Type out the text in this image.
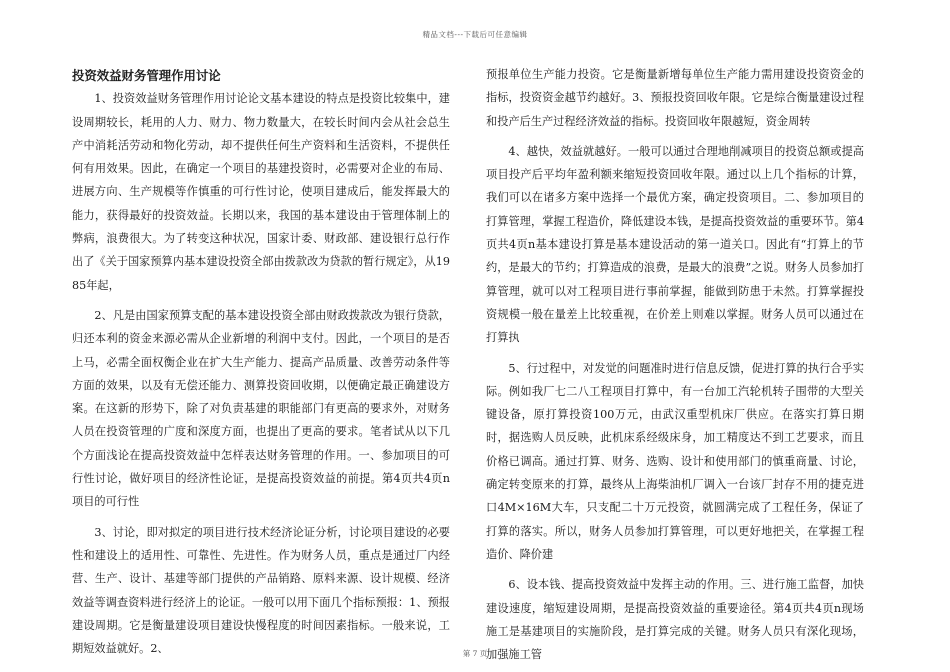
精品文档---下载后可任意编辑
投资效益财务管理作用讨论

1、投资效益财务管理作用讨论论文基本建设的特点是投资比较集中，建设周期较长，耗用的人力、财力、物力数量大，在较长时间内会从社会总生产中消耗活劳动和物化劳动，却不提供任何生产资料和生活资料，不提供任何有用效果。因此，在确定一个项目的基建投资时，必需要对企业的布局、进展方向、生产规模等作慎重的可行性讨论，使项目建成后，能发挥最大的能力，获得最好的投资效益。长期以来，我国的基本建设由于管理体制上的弊病，浪费很大。为了转变这种状况，国家计委、财政部、建设银行总行作出了《关于国家预算内基本建设投资全部由拨款改为贷款的暂行规定》，从1985年起，

2、凡是由国家预算支配的基本建设投资全部由财政拨款改为银行贷款，归还本利的资金来源必需从企业新增的利润中支付。因此，一个项目的是否上马，必需全面权衡企业在扩大生产能力、提高产品质量、改善劳动条件等方面的效果，以及有无偿还能力、测算投资回收期，以便确定最正确建设方案。在这新的形势下，除了对负责基建的职能部门有更高的要求外，对财务人员在投资管理的广度和深度方面，也提出了更高的要求。笔者试从以下几个方面浅论在提高投资效益中怎样表达财务管理的作用。一、参加项目的可行性讨论，做好项目的经济性论证，是提高投资效益的前提。第4页共4页n项目的可行性

3、讨论，即对拟定的项目进行技术经济论证分析，讨论项目建设的必要性和建设上的适用性、可靠性、先进性。作为财务人员，重点是通过厂内经营、生产、设计、基建等部门提供的产品销路、原料来源、设计规模、经济效益等调查资料进行经济上的论证。一般可以用下面几个指标预报：1、预报建设周期。它是衡量建设项目建设快慢程度的时间因素指标。一般来说，工期短效益就好。2、

预报单位生产能力投资。它是衡量新增每单位生产能力需用建设投资资金的指标，投资资金越节约越好。3、预报投资回收年限。它是综合衡量建设过程和投产后生产过程经济效益的指标。投资回收年限越短，资金周转

4、越快，效益就越好。一般可以通过合理地削减项目的投资总额或提高项目投产后平均年盈利额来缩短投资回收年限。通过以上几个指标的计算，我们可以在诸多方案中选择一个最优方案，确定投资项目。二、参加项目的打算管理，掌握工程造价，降低建设本钱，是提高投资效益的重要环节。第4页共4页n基本建设打算是基本建设活动的第一道关口。因此有“打算上的节约，是最大的节约；打算造成的浪费，是最大的浪费”之说。财务人员参加打算管理，就可以对工程项目进行事前掌握，能做到防患于未然。打算掌握投资规模一般在量差上比较重视，在价差上则难以掌握。财务人员可以通过在打算执

5、行过程中，对发觉的问题准时进行信息反馈，促进打算的执行合乎实际。例如我厂七二八工程项目打算中，有一台加工汽轮机转子围带的大型关键设备，原打算投资100万元，由武汉重型机床厂供应。在落实打算日期时，据选购人员反映，此机床系经级床身，加工精度达不到工艺要求，而且价格已调高。通过打算、财务、选购、设计和使用部门的慎重商量、讨论，确定转变原来的打算，最终从上海柴油机厂调入一台该厂封存不用的捷克进口4M×16M大车，只支配二十万元投资，就圆满完成了工程任务，保证了打算的落实。所以，财务人员参加打算管理，可以更好地把关，在掌握工程造价、降价建

6、设本钱、提高投资效益中发挥主动的作用。三、进行施工监督，加快建设速度，缩短建设周期，是提高投资效益的重要途径。第4页共4页n现场施工是基建项目的实施阶段，是打算完成的关键。财务人员只有深化现场，加强施工管

第 7 页
